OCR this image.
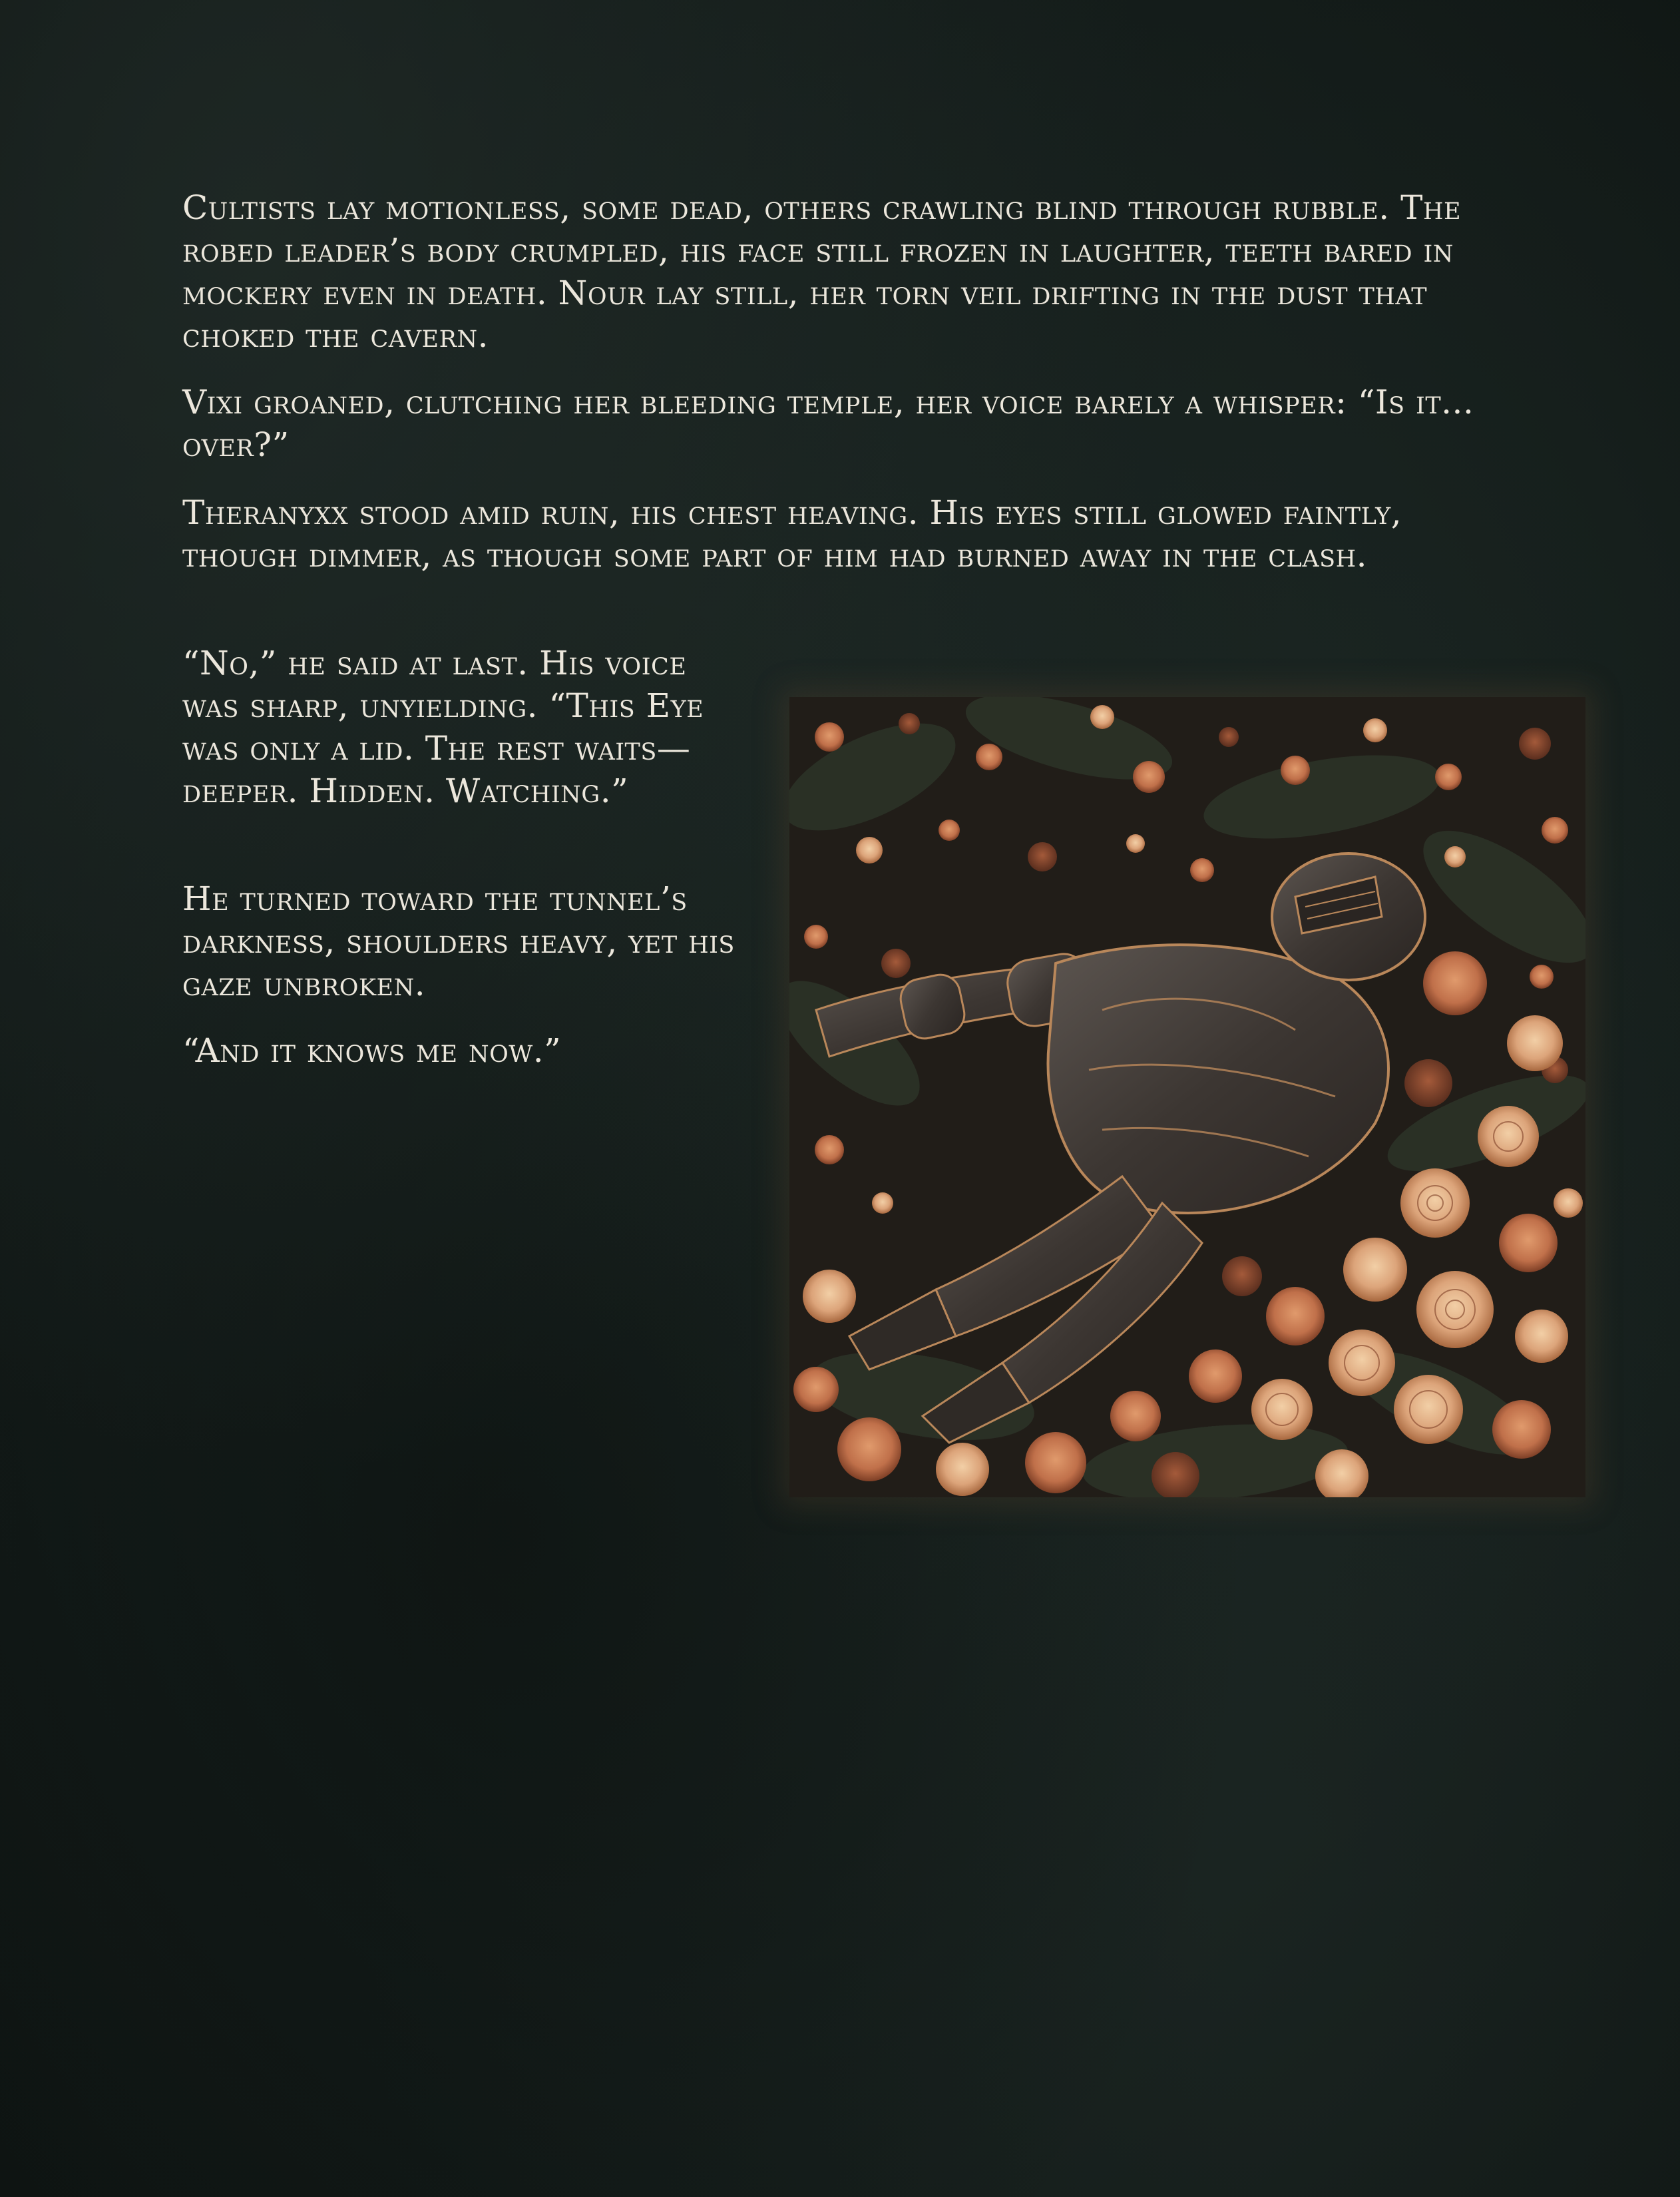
Cultists lay motionless, some dead, others crawling blind through rubble. The robed leader’s body crumpled, his face still frozen in laughter, teeth bared in mockery even in death. Nour lay still, her torn veil drifting in the dust that choked the cavern.

Vixi groaned, clutching her bleeding temple, her voice barely a whisper: “Is it... over?”

Theranyxx stood amid ruin, his chest heaving. His eyes still glowed faintly, though dimmer, as though some part of him had burned away in the clash.

“No,” he said at last. His voice was sharp, unyielding. “This Eye was only a lid. The rest waits—deeper. Hidden. Watching.”

He turned toward the tunnel’s darkness, shoulders heavy, yet his gaze unbroken.

“And it knows me now.”
